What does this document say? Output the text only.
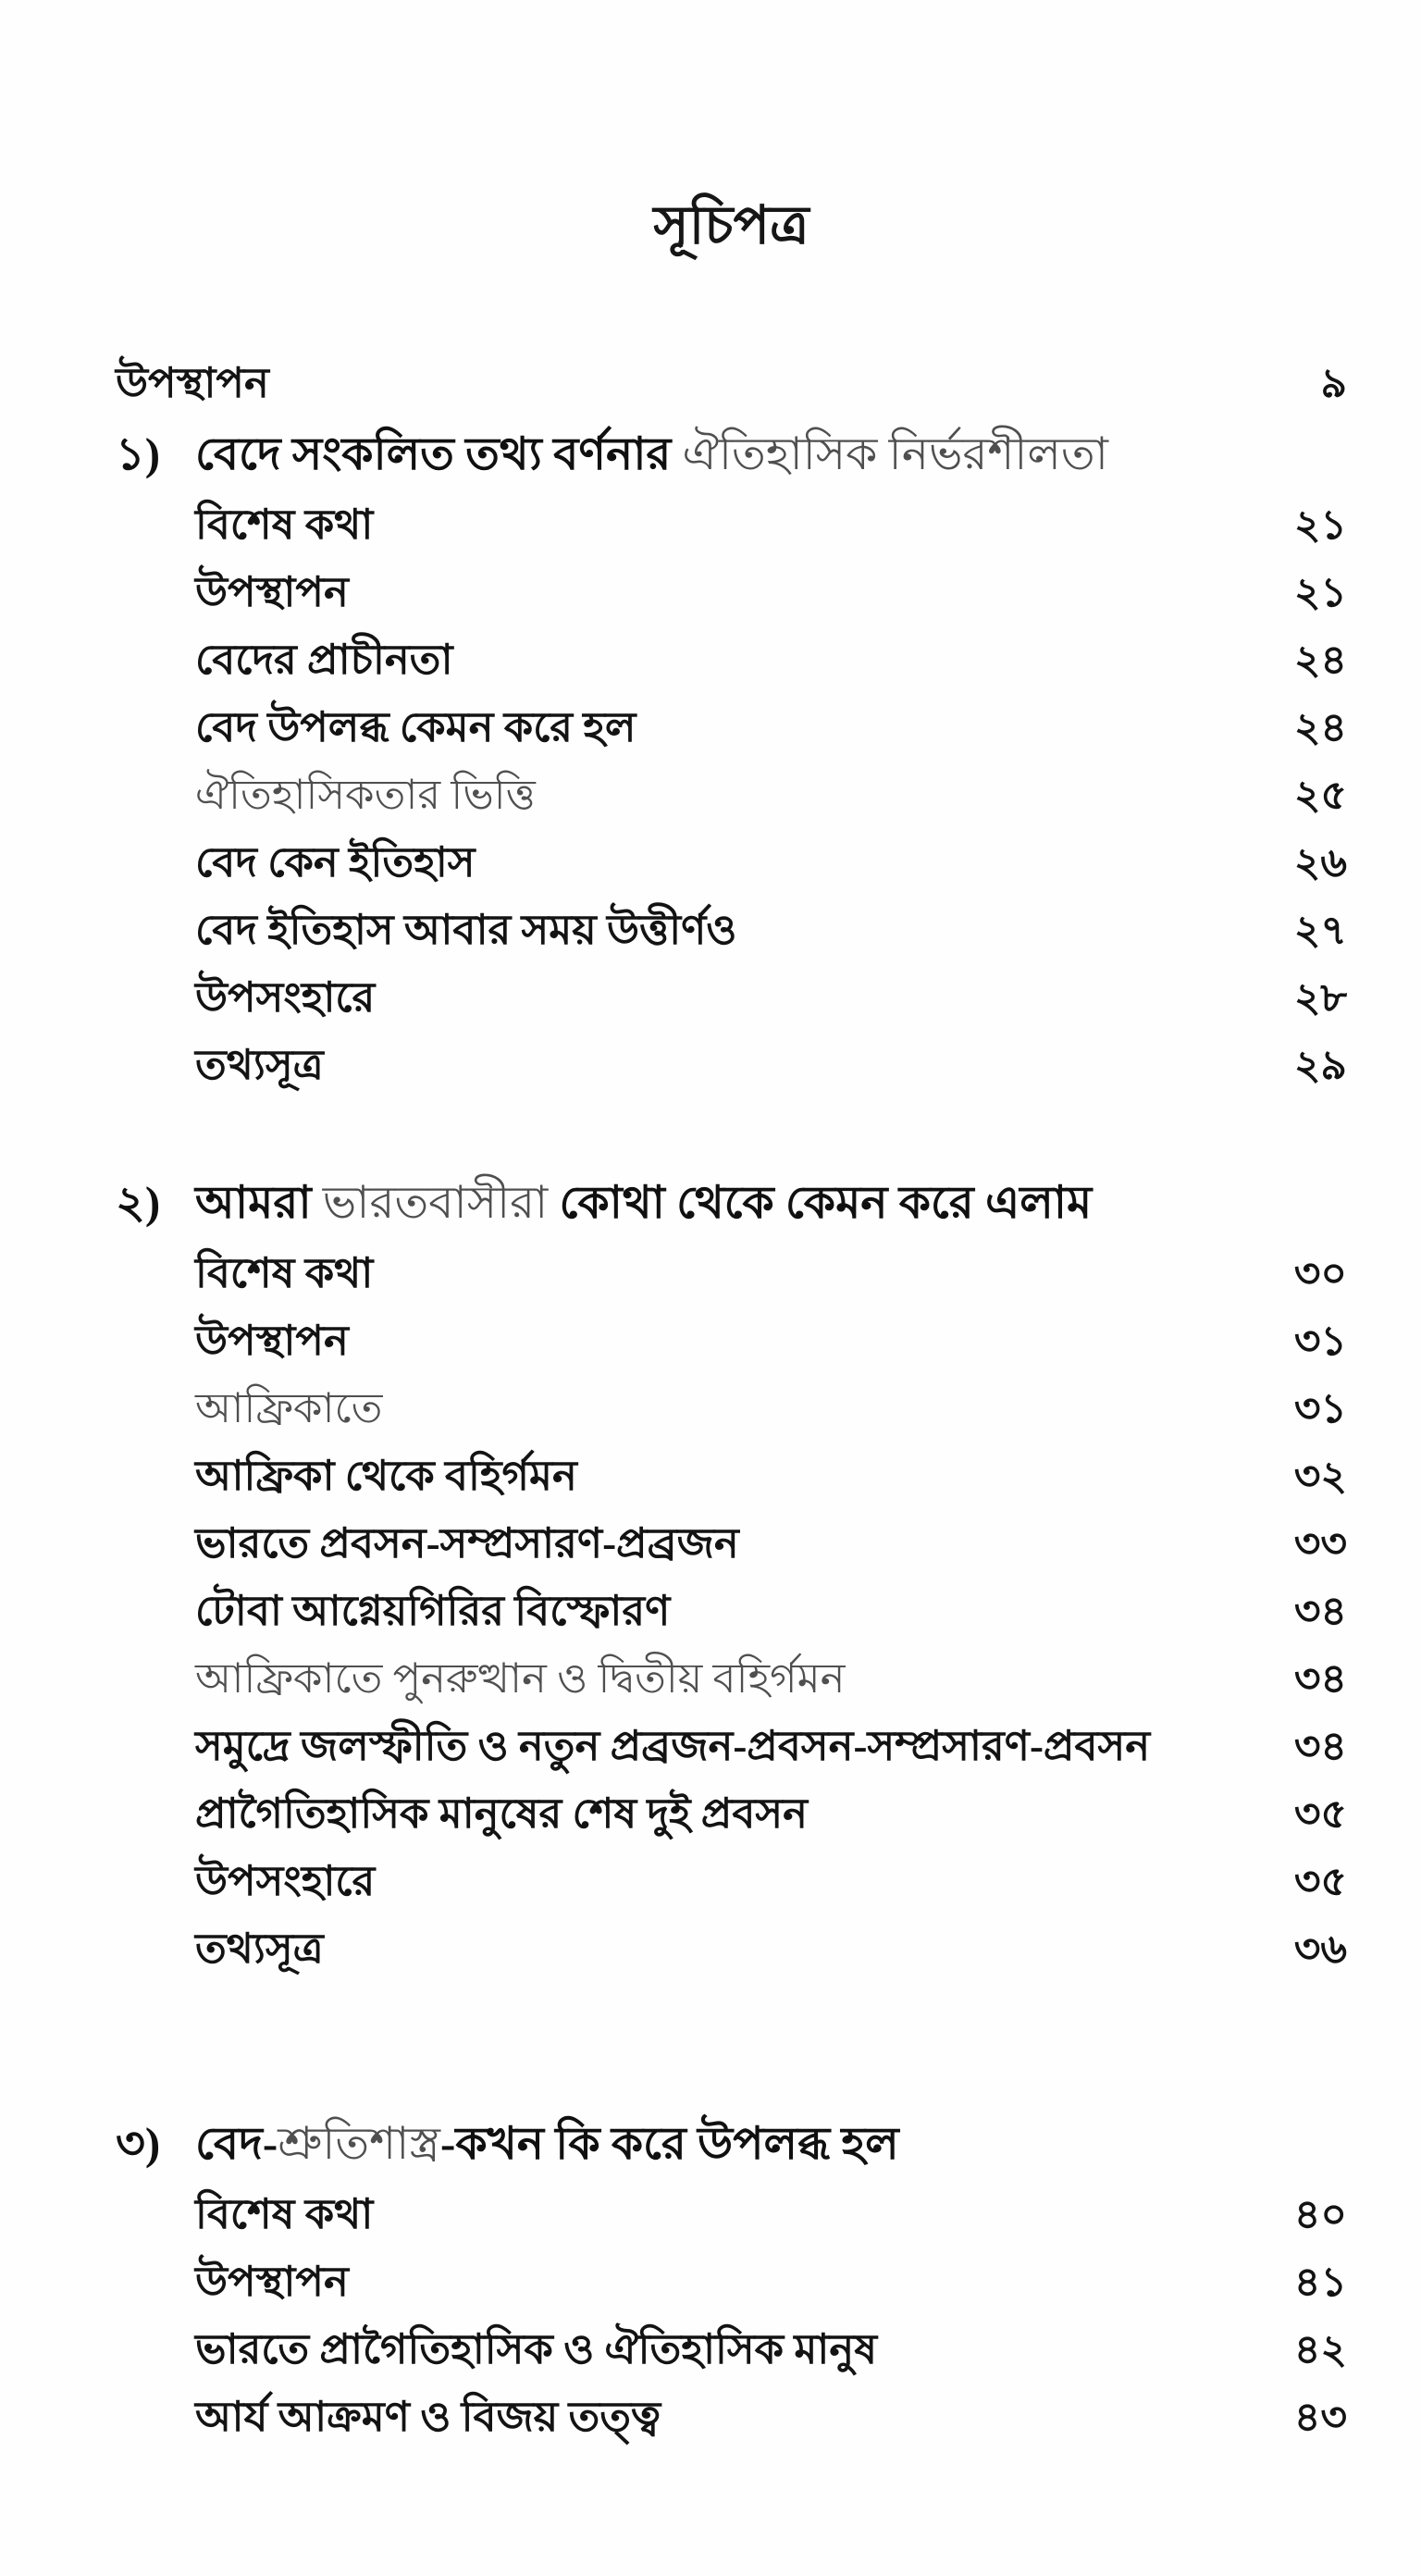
সূচিপত্র
উপস্থাপন	৯
১) বেদে সংকলিত তথ্য বর্ণনার ঐতিহাসিক নির্ভরশীলতা
বিশেষ কথা	২১
উপস্থাপন	২১
বেদের প্রাচীনতা	২৪
বেদ উপলব্ধ কেমন করে হল	২৪
ঐতিহাসিকতার ভিত্তি	২৫
বেদ কেন ইতিহাস	২৬
বেদ ইতিহাস আবার সময় উত্তীর্ণও	২৭
উপসংহারে	২৮
তথ্যসূত্র	২৯
২) আমরা ভারতবাসীরা কোথা থেকে কেমন করে এলাম
বিশেষ কথা	৩০
উপস্থাপন	৩১
আফ্রিকাতে	৩১
আফ্রিকা থেকে বহির্গমন	৩২
ভারতে প্রবসন-সম্প্রসারণ-প্রব্রজন	৩৩
টোবা আগ্নেয়গিরির বিস্ফোরণ	৩৪
আফ্রিকাতে পুনরুত্থান ও দ্বিতীয় বহির্গমন	৩৪
সমুদ্রে জলস্ফীতি ও নতুন প্রব্রজন-প্রবসন-সম্প্রসারণ-প্রবসন	৩৪
প্রাগৈতিহাসিক মানুষের শেষ দুই প্রবসন	৩৫
উপসংহারে	৩৫
তথ্যসূত্র	৩৬
৩) বেদ-শ্রুতিশাস্ত্র-কখন কি করে উপলব্ধ হল
বিশেষ কথা	৪০
উপস্থাপন	৪১
ভারতে প্রাগৈতিহাসিক ও ঐতিহাসিক মানুষ	৪২
আর্য আক্রমণ ও বিজয় তত্ত্ব	৪৩
